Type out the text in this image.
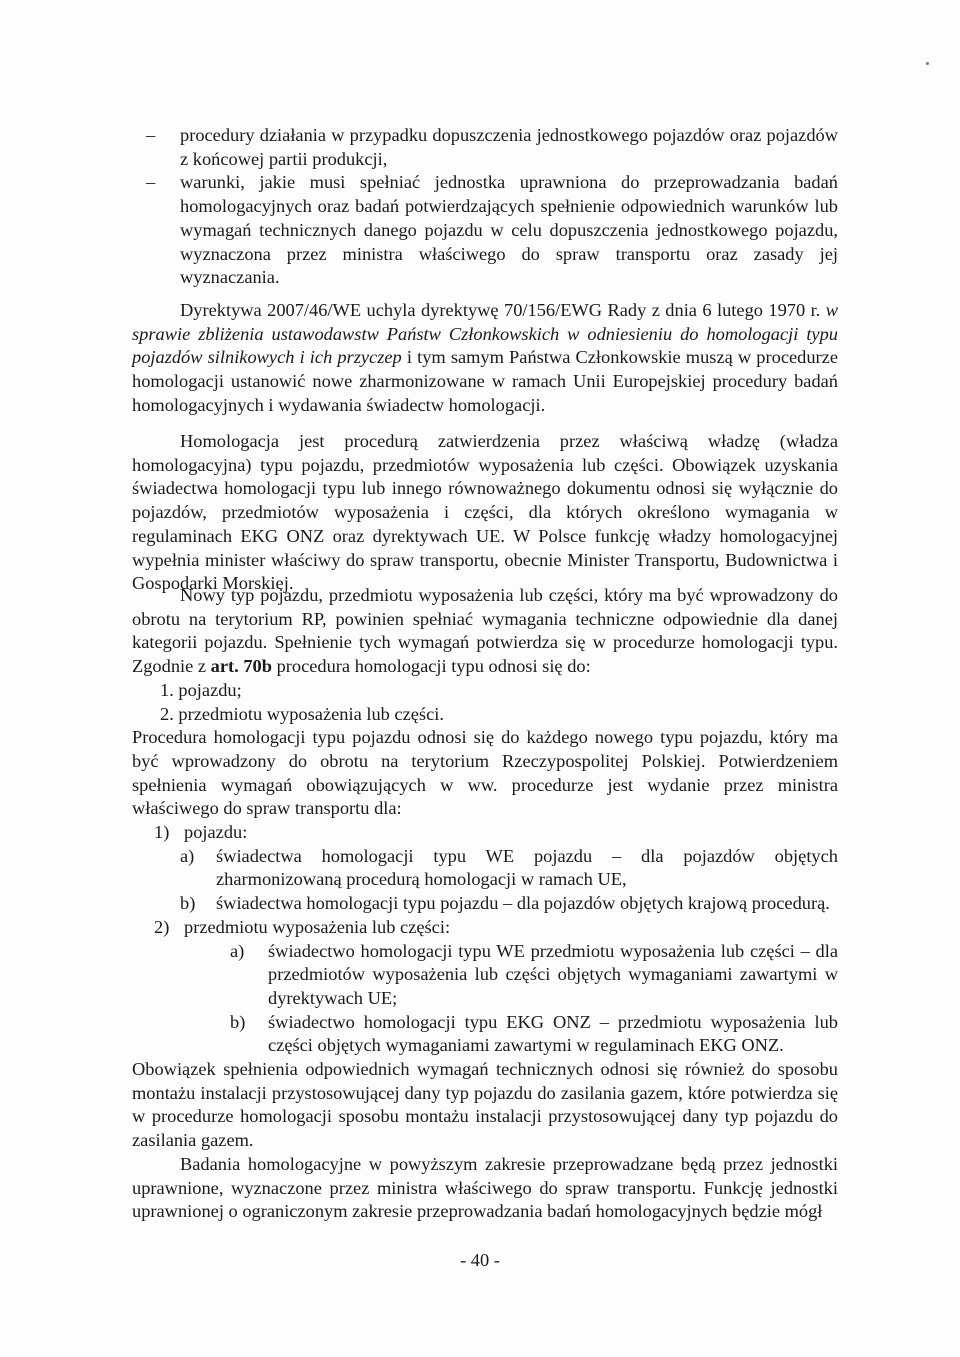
– procedury działania w przypadku dopuszczenia jednostkowego pojazdów oraz pojazdów z końcowej partii produkcji,

– warunki, jakie musi spełniać jednostka uprawniona do przeprowadzania badań homologacyjnych oraz badań potwierdzających spełnienie odpowiednich warunków lub wymagań technicznych danego pojazdu w celu dopuszczenia jednostkowego pojazdu, wyznaczona przez ministra właściwego do spraw transportu oraz zasady jej wyznaczania.

Dyrektywa 2007/46/WE uchyla dyrektywę 70/156/EWG Rady z dnia 6 lutego 1970 r. w sprawie zbliżenia ustawodawstw Państw Członkowskich w odniesieniu do homologacji typu pojazdów silnikowych i ich przyczep i tym samym Państwa Członkowskie muszą w procedurze homologacji ustanowić nowe zharmonizowane w ramach Unii Europejskiej procedury badań homologacyjnych i wydawania świadectw homologacji.

Homologacja jest procedurą zatwierdzenia przez właściwą władzę (władza homologacyjna) typu pojazdu, przedmiotów wyposażenia lub części. Obowiązek uzyskania świadectwa homologacji typu lub innego równoważnego dokumentu odnosi się wyłącznie do pojazdów, przedmiotów wyposażenia i części, dla których określono wymagania w regulaminach EKG ONZ oraz dyrektywach UE. W Polsce funkcję władzy homologacyjnej wypełnia minister właściwy do spraw transportu, obecnie Minister Transportu, Budownictwa i Gospodarki Morskiej.

Nowy typ pojazdu, przedmiotu wyposażenia lub części, który ma być wprowadzony do obrotu na terytorium RP, powinien spełniać wymagania techniczne odpowiednie dla danej kategorii pojazdu. Spełnienie tych wymagań potwierdza się w procedurze homologacji typu. Zgodnie z art. 70b procedura homologacji typu odnosi się do:

1. pojazdu;
2. przedmiotu wyposażenia lub części.

Procedura homologacji typu pojazdu odnosi się do każdego nowego typu pojazdu, który ma być wprowadzony do obrotu na terytorium Rzeczypospolitej Polskiej. Potwierdzeniem spełnienia wymagań obowiązujących w ww. procedurze jest wydanie przez ministra właściwego do spraw transportu dla:

1) pojazdu:
a) świadectwa homologacji typu WE pojazdu – dla pojazdów objętych zharmonizowaną procedurą homologacji w ramach UE,

b) świadectwa homologacji typu pojazdu – dla pojazdów objętych krajową procedurą.

2) przedmiotu wyposażenia lub części:
a) świadectwo homologacji typu WE przedmiotu wyposażenia lub części – dla przedmiotów wyposażenia lub części objętych wymaganiami zawartymi w dyrektywach UE;

b) świadectwo homologacji typu EKG ONZ – przedmiotu wyposażenia lub części objętych wymaganiami zawartymi w regulaminach EKG ONZ.

Obowiązek spełnienia odpowiednich wymagań technicznych odnosi się również do sposobu montażu instalacji przystosowującej dany typ pojazdu do zasilania gazem, które potwierdza się w procedurze homologacji sposobu montażu instalacji przystosowującej dany typ pojazdu do zasilania gazem.

Badania homologacyjne w powyższym zakresie przeprowadzane będą przez jednostki uprawnione, wyznaczone przez ministra właściwego do spraw transportu. Funkcję jednostki uprawnionej o ograniczonym zakresie przeprowadzania badań homologacyjnych będzie mógł

- 40 -
